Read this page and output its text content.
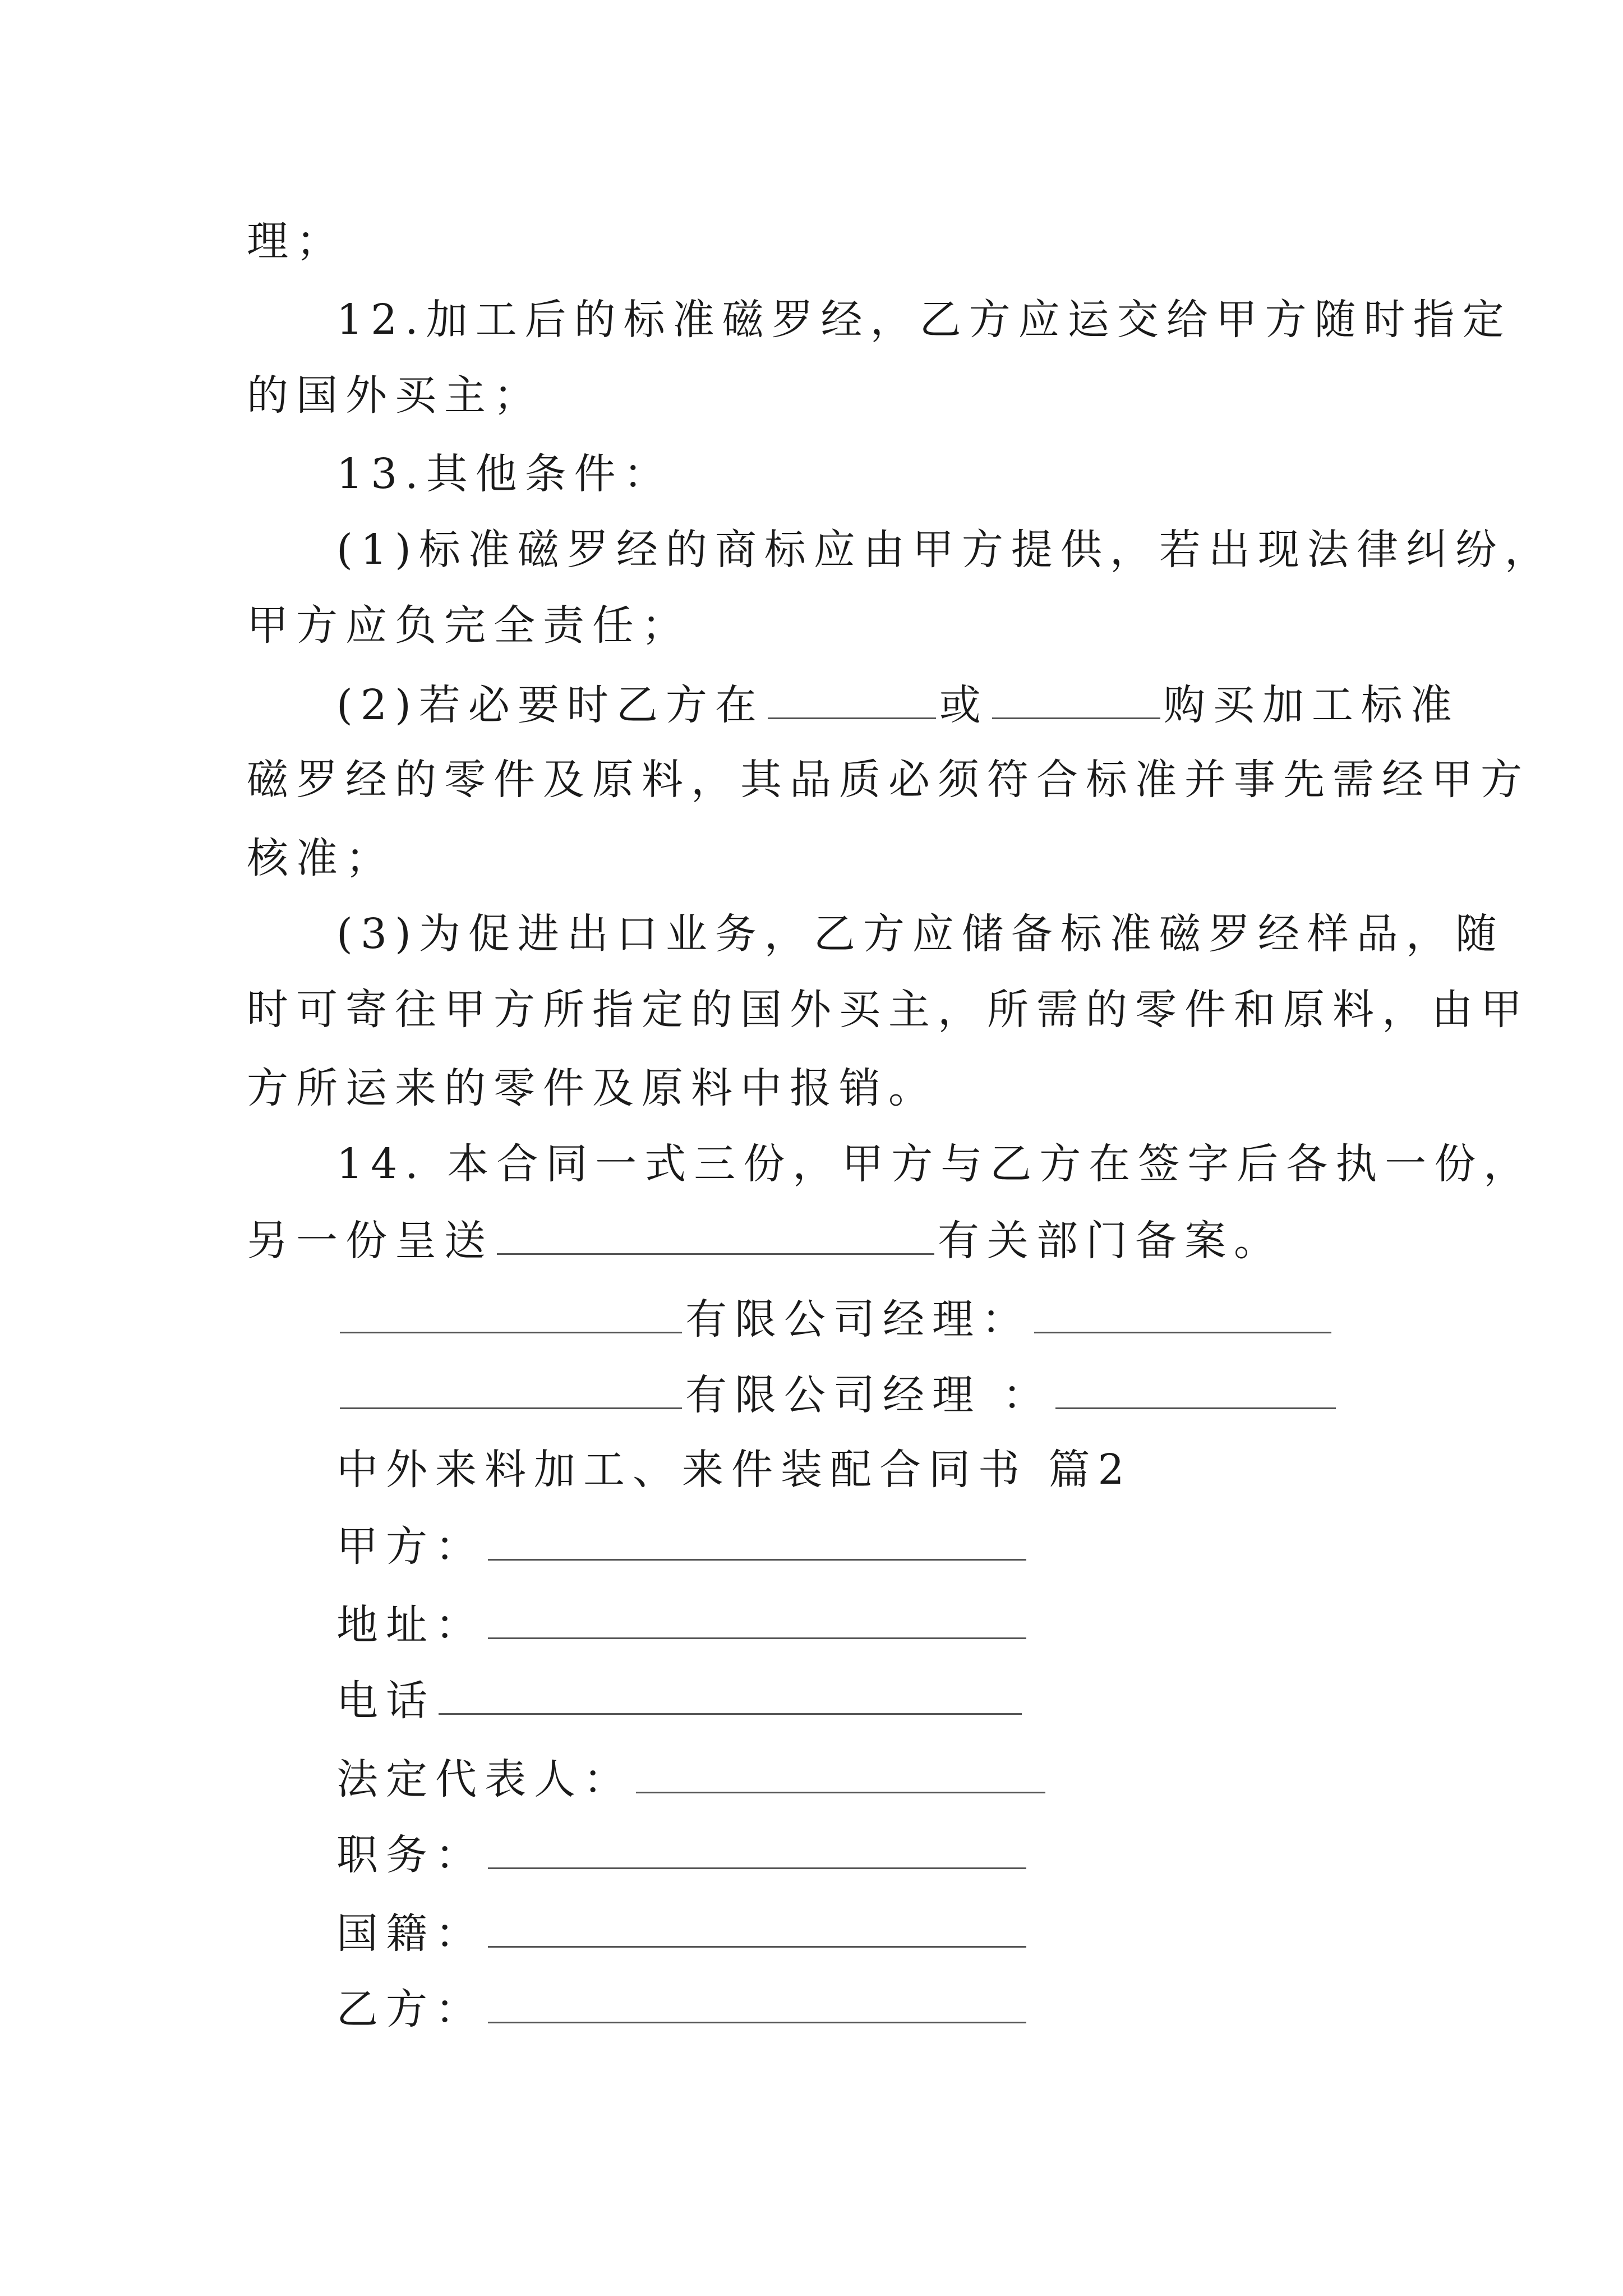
理；
12.加工后的标准磁罗经，乙方应运交给甲方随时指定
的国外买主；
13.其他条件：
(1)标准磁罗经的商标应由甲方提供，若出现法律纠纷，
甲方应负完全责任；
(2)若必要时乙方在	或	购买加工标准
磁罗经的零件及原料，其品质必须符合标准并事先需经甲方
核准；
(3)为促进出口业务，乙方应储备标准磁罗经样品，随
时可寄往甲方所指定的国外买主，所需的零件和原料，由甲
方所运来的零件及原料中报销。
14. 本合同一式三份，甲方与乙方在签字后各执一份，
另一份呈送	有关部门备案。
有限公司经理：
有限公司经理 ：
中外来料加工、来件装配合同书 篇2
甲方：
地址：
电话
法定代表人：
职务：
国籍：
乙方：
